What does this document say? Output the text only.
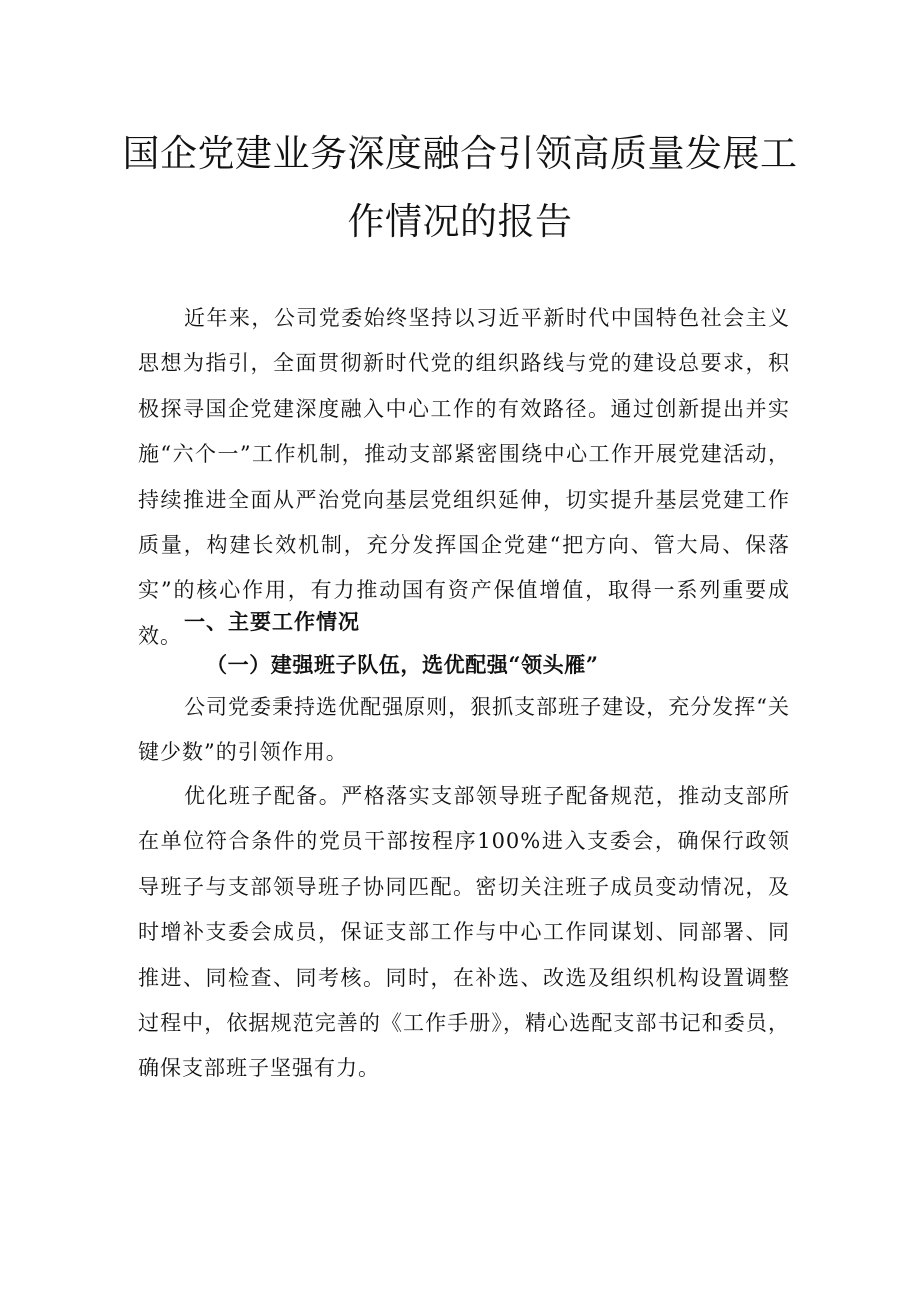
国企党建业务深度融合引领高质量发展工
作情况的报告

近年来，公司党委始终坚持以习近平新时代中国特色社会主义思想为指引，全面贯彻新时代党的组织路线与党的建设总要求，积极探寻国企党建深度融入中心工作的有效路径。通过创新提出并实施“六个一”工作机制，推动支部紧密围绕中心工作开展党建活动，持续推进全面从严治党向基层党组织延伸，切实提升基层党建工作质量，构建长效机制，充分发挥国企党建“把方向、管大局、保落实”的核心作用，有力推动国有资产保值增值，取得一系列重要成效。

一、主要工作情况
（一）建强班子队伍，选优配强“领头雁”

公司党委秉持选优配强原则，狠抓支部班子建设，充分发挥“关键少数”的引领作用。

优化班子配备。严格落实支部领导班子配备规范，推动支部所在单位符合条件的党员干部按程序100%进入支委会，确保行政领导班子与支部领导班子协同匹配。密切关注班子成员变动情况，及时增补支委会成员，保证支部工作与中心工作同谋划、同部署、同推进、同检查、同考核。同时，在补选、改选及组织机构设置调整过程中，依据规范完善的《工作手册》，精心选配支部书记和委员，确保支部班子坚强有力。
